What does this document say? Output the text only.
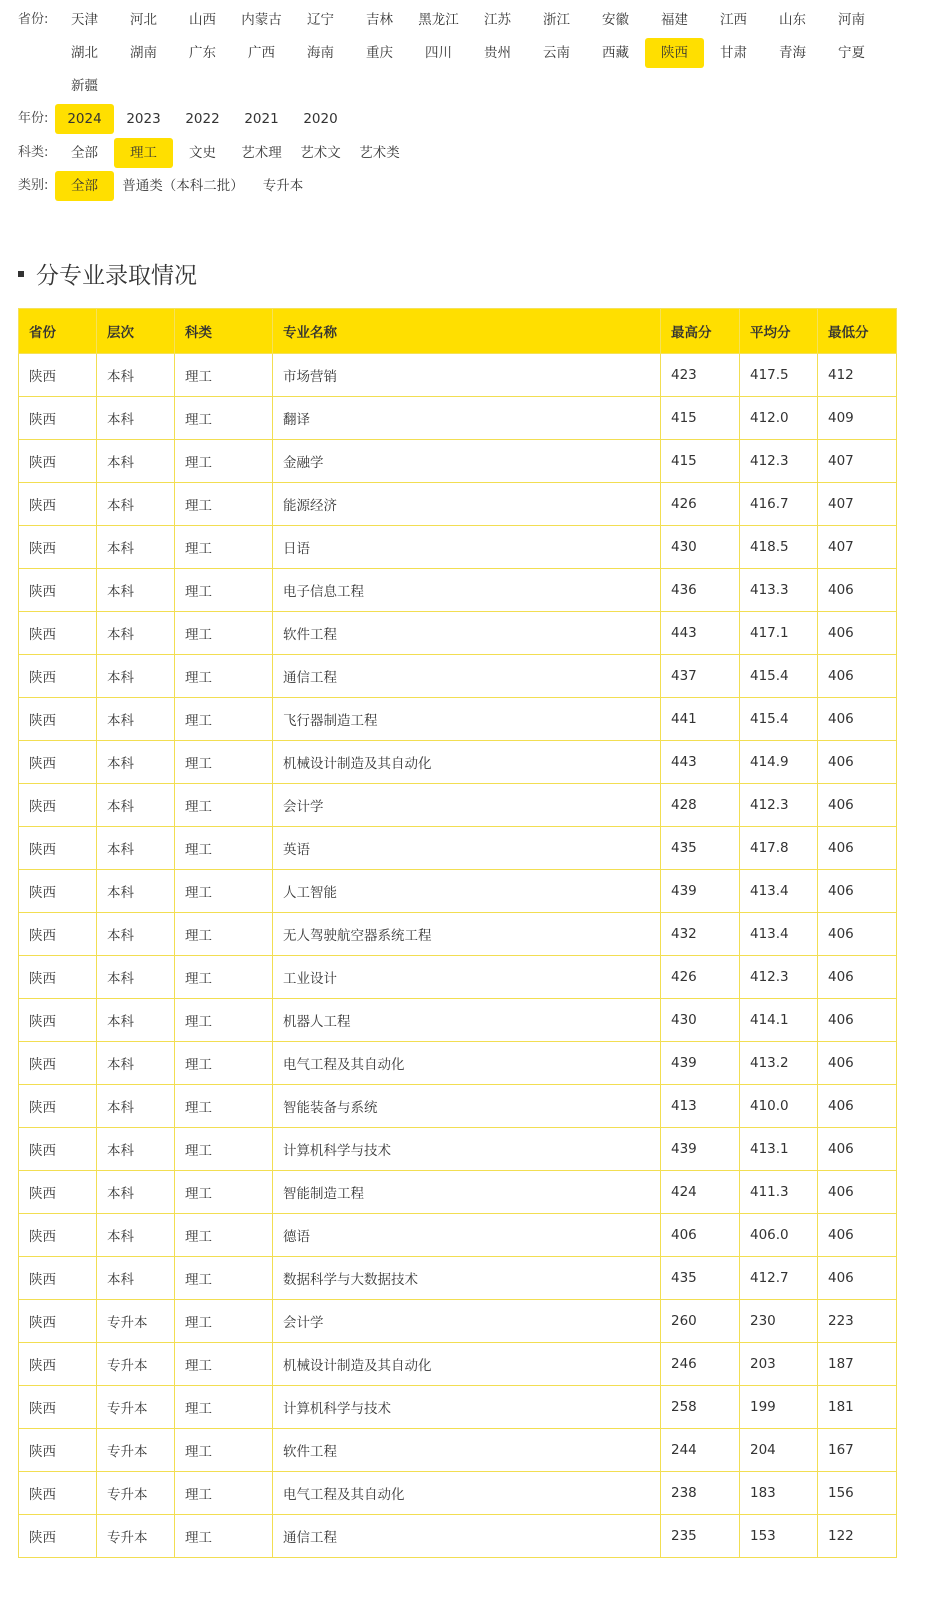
省份:	天津	河北	山西	内蒙古	辽宁	吉林	黑龙江	江苏	浙江	安徽	福建	江西	山东	河南
湖北	湖南	广东	广西	海南	重庆	四川	贵州	云南	西藏	陕西	甘肃	青海	宁夏
新疆
年份:	2024	2023	2022	2021	2020
科类:	全部	理工	文史	艺术理	艺术文	艺术类
类别:	全部	普通类（本科二批）	专升本
分专业录取情况
省份	层次	科类	专业名称	最高分	平均分	最低分
陕西	本科	理工	市场营销	423	417.5	412
陕西	本科	理工	翻译	415	412.0	409
陕西	本科	理工	金融学	415	412.3	407
陕西	本科	理工	能源经济	426	416.7	407
陕西	本科	理工	日语	430	418.5	407
陕西	本科	理工	电子信息工程	436	413.3	406
陕西	本科	理工	软件工程	443	417.1	406
陕西	本科	理工	通信工程	437	415.4	406
陕西	本科	理工	飞行器制造工程	441	415.4	406
陕西	本科	理工	机械设计制造及其自动化	443	414.9	406
陕西	本科	理工	会计学	428	412.3	406
陕西	本科	理工	英语	435	417.8	406
陕西	本科	理工	人工智能	439	413.4	406
陕西	本科	理工	无人驾驶航空器系统工程	432	413.4	406
陕西	本科	理工	工业设计	426	412.3	406
陕西	本科	理工	机器人工程	430	414.1	406
陕西	本科	理工	电气工程及其自动化	439	413.2	406
陕西	本科	理工	智能装备与系统	413	410.0	406
陕西	本科	理工	计算机科学与技术	439	413.1	406
陕西	本科	理工	智能制造工程	424	411.3	406
陕西	本科	理工	德语	406	406.0	406
陕西	本科	理工	数据科学与大数据技术	435	412.7	406
陕西	专升本	理工	会计学	260	230	223
陕西	专升本	理工	机械设计制造及其自动化	246	203	187
陕西	专升本	理工	计算机科学与技术	258	199	181
陕西	专升本	理工	软件工程	244	204	167
陕西	专升本	理工	电气工程及其自动化	238	183	156
陕西	专升本	理工	通信工程	235	153	122
